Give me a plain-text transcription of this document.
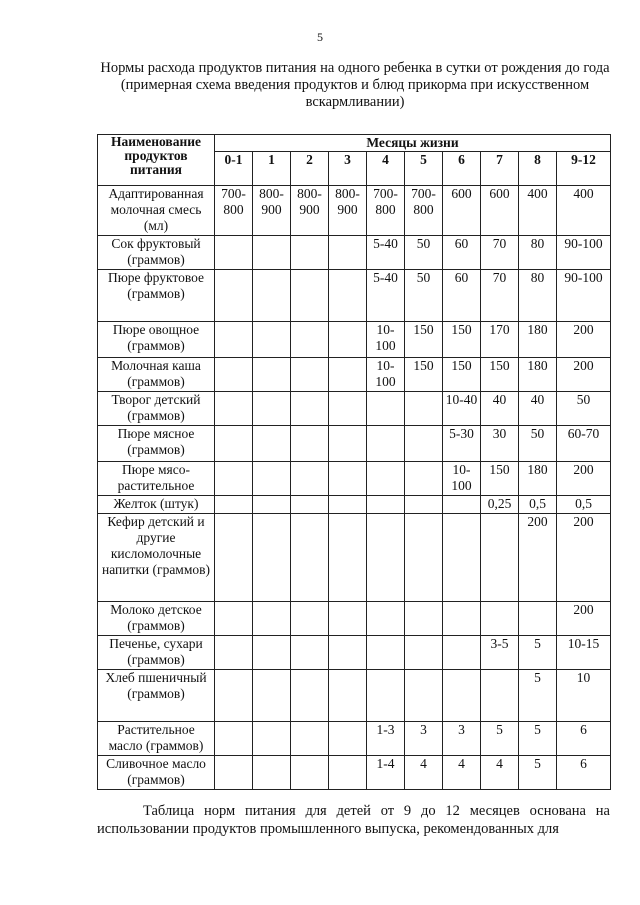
5
Нормы расхода продуктов питания на одного ребенка в сутки от рождения до года (примерная схема введения продуктов и блюд прикорма при искусственном вскармливании)
Наименование продуктов питания	Месяцы жизни									
	0-1	1	2	3	4	5	6	7	8	9-12
Адаптированная молочная смесь (мл)	700-800	800-900	800-900	800-900	700-800	700-800	600	600	400	400
Сок фруктовый (граммов)					5-40	50	60	70	80	90-100
Пюре фруктовое (граммов)					5-40	50	60	70	80	90-100
Пюре овощное (граммов)					10-100	150	150	170	180	200
Молочная каша (граммов)					10-100	150	150	150	180	200
Творог детский (граммов)							10-40	40	40	50
Пюре мясное (граммов)							5-30	30	50	60-70
Пюре мясо-растительное							10-100	150	180	200
Желток (штук)								0,25	0,5	0,5
Кефир детский и другие кисломолочные напитки (граммов)									200	200
Молоко детское (граммов)										200
Печенье, сухари (граммов)								3-5	5	10-15
Хлеб пшеничный (граммов)									5	10
Растительное масло (граммов)					1-3	3	3	5	5	6
Сливочное масло (граммов)					1-4	4	4	4	5	6
Таблица норм питания для детей от 9 до 12 месяцев основана на использовании продуктов промышленного выпуска, рекомендованных для
